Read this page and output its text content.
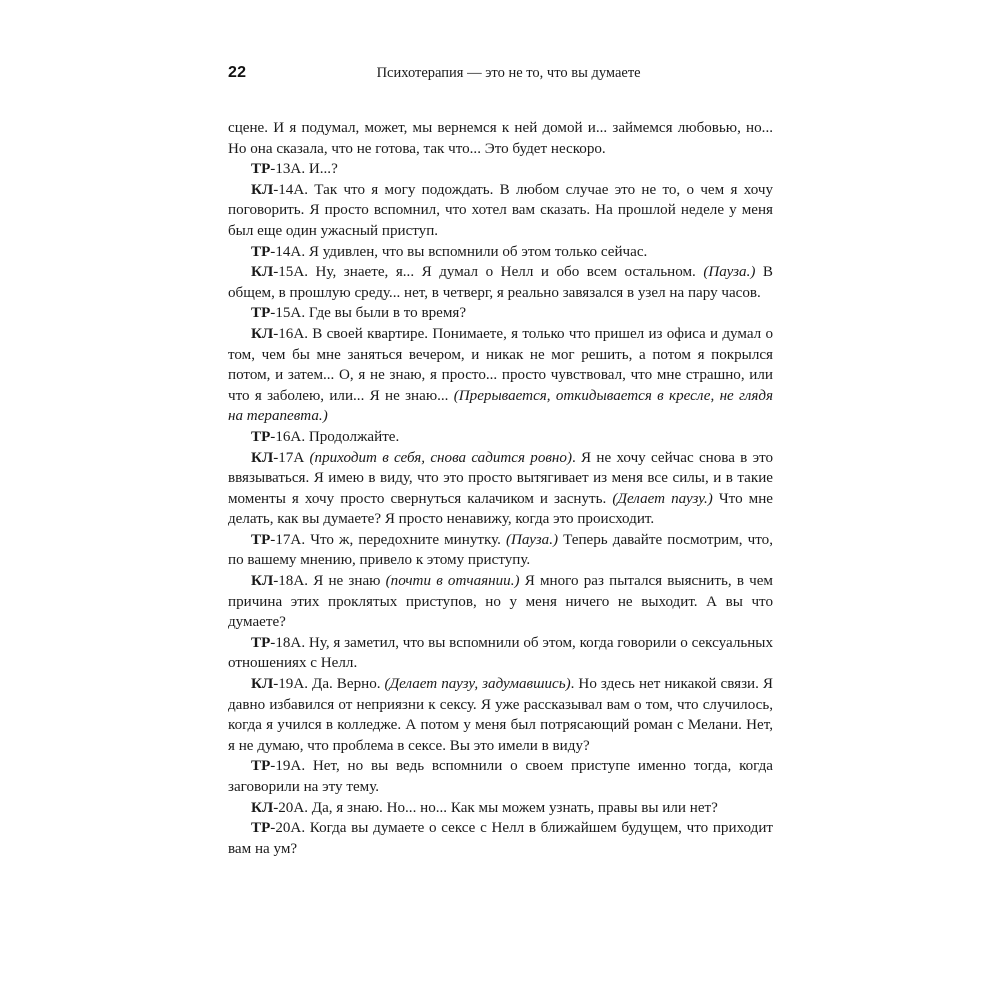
22	Психотерапия — это не то, что вы думаете

сцене. И я подумал, может, мы вернемся к ней домой и... займемся любовью, но... Но она сказала, что не готова, так что... Это будет нескоро.

ТР-13А. И...?

КЛ-14А. Так что я могу подождать. В любом случае это не то, о чем я хочу поговорить. Я просто вспомнил, что хотел вам сказать. На прошлой неделе у меня был еще один ужасный приступ.

ТР-14А. Я удивлен, что вы вспомнили об этом только сейчас.

КЛ-15А. Ну, знаете, я... Я думал о Нелл и обо всем остальном. (Пауза.) В общем, в прошлую среду... нет, в четверг, я реально завязался в узел на пару часов.

ТР-15А. Где вы были в то время?

КЛ-16А. В своей квартире. Понимаете, я только что пришел из офиса и думал о том, чем бы мне заняться вечером, и никак не мог решить, а потом я покрылся потом, и затем... О, я не знаю, я просто... просто чувствовал, что мне страшно, или что я заболею, или... Я не знаю... (Прерывается, откидывается в кресле, не глядя на терапевта.)

ТР-16А. Продолжайте.

КЛ-17А (приходит в себя, снова садится ровно). Я не хочу сейчас снова в это ввязываться. Я имею в виду, что это просто вытягивает из меня все силы, и в такие моменты я хочу просто свернуться калачиком и заснуть. (Делает паузу.) Что мне делать, как вы думаете? Я просто ненавижу, когда это происходит.

ТР-17А. Что ж, передохните минутку. (Пауза.) Теперь давайте посмотрим, что, по вашему мнению, привело к этому приступу.

КЛ-18А. Я не знаю (почти в отчаянии.) Я много раз пытался выяснить, в чем причина этих проклятых приступов, но у меня ничего не выходит. А вы что думаете?

ТР-18А. Ну, я заметил, что вы вспомнили об этом, когда говорили о сексуальных отношениях с Нелл.

КЛ-19А. Да. Верно. (Делает паузу, задумавшись). Но здесь нет никакой связи. Я давно избавился от неприязни к сексу. Я уже рассказывал вам о том, что случилось, когда я учился в колледже. А потом у меня был потрясающий роман с Мелани. Нет, я не думаю, что проблема в сексе. Вы это имели в виду?

ТР-19А. Нет, но вы ведь вспомнили о своем приступе именно тогда, когда заговорили на эту тему.

КЛ-20А. Да, я знаю. Но... но... Как мы можем узнать, правы вы или нет?

ТР-20А. Когда вы думаете о сексе с Нелл в ближайшем будущем, что приходит вам на ум?
